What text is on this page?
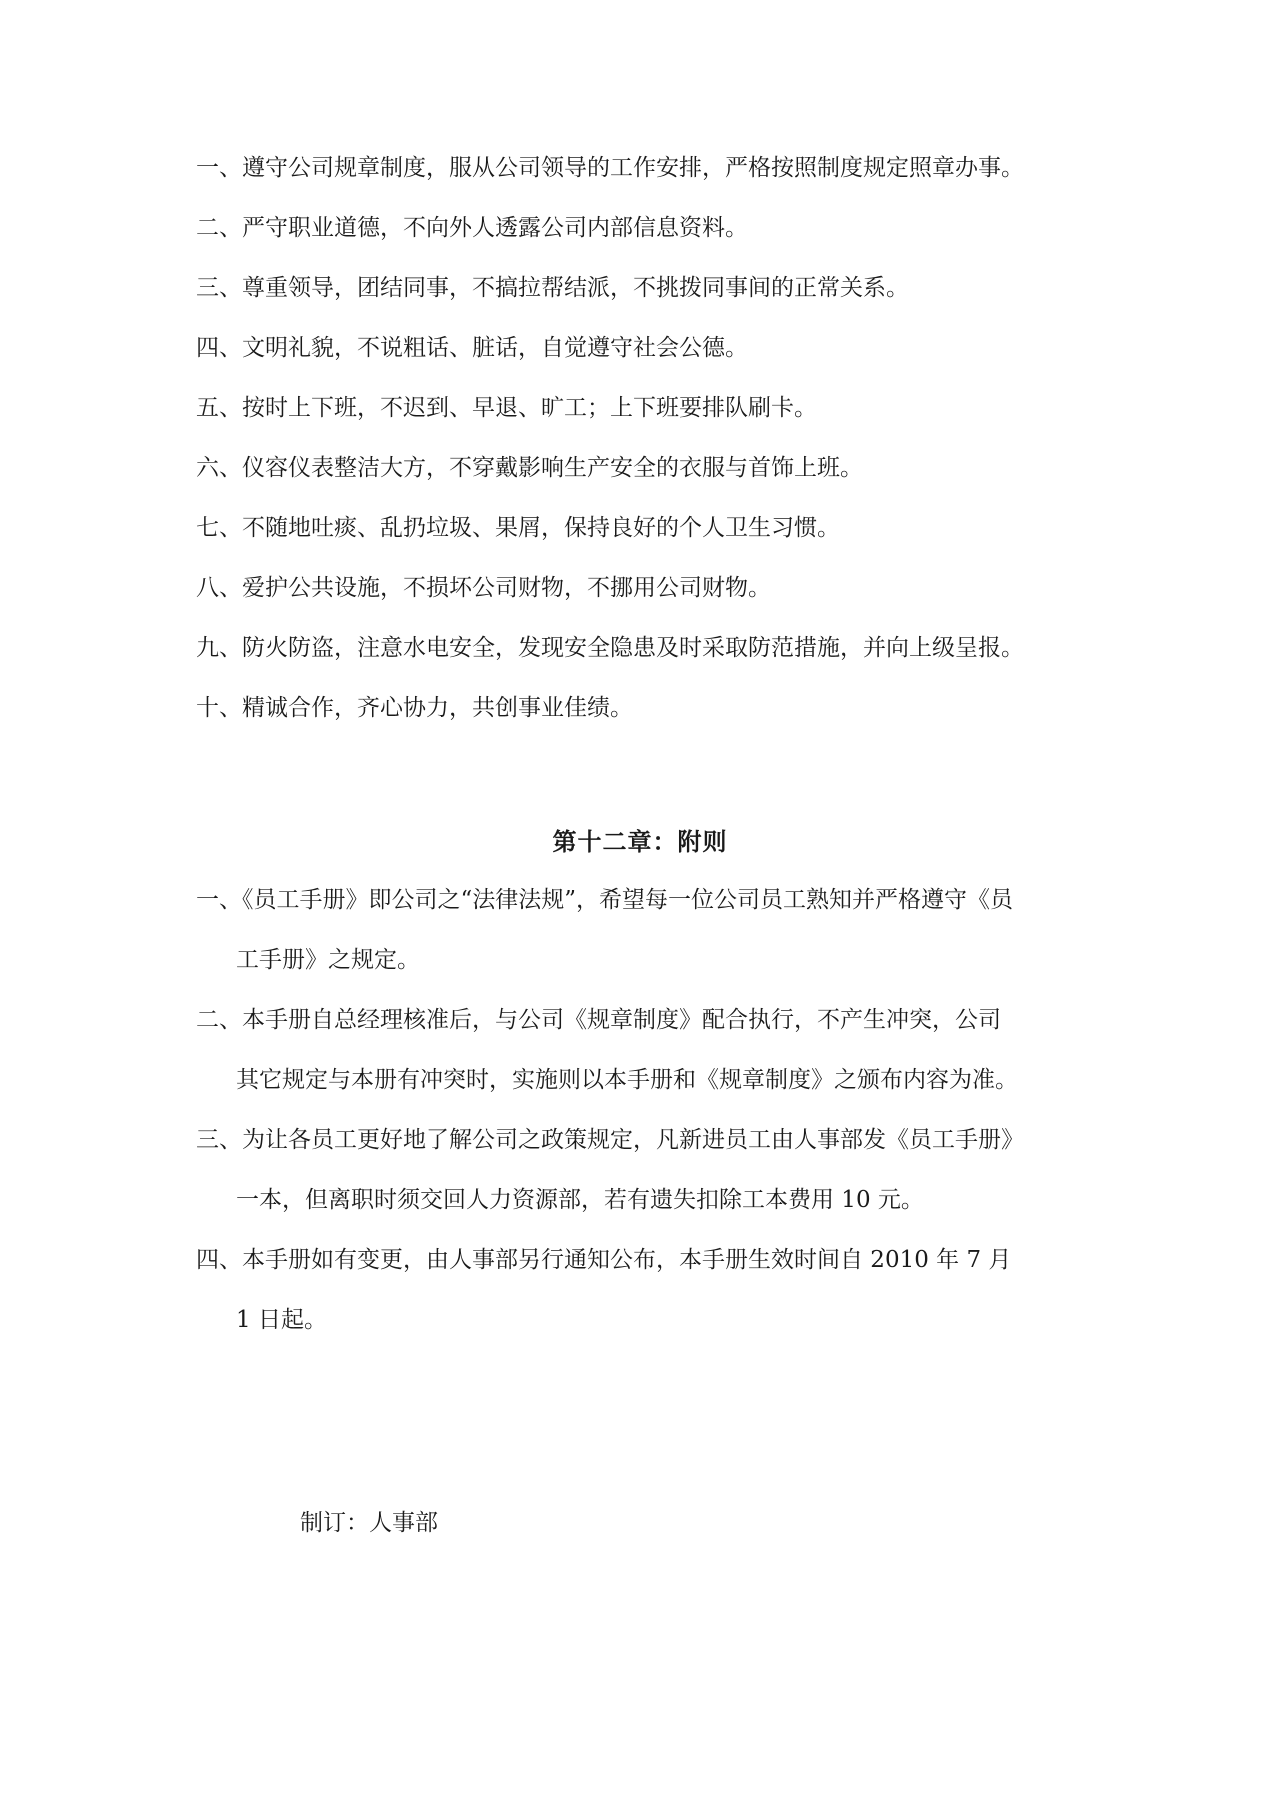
一、遵守公司规章制度，服从公司领导的工作安排，严格按照制度规定照章办事。
二、严守职业道德，不向外人透露公司内部信息资料。
三、尊重领导，团结同事，不搞拉帮结派，不挑拨同事间的正常关系。
四、文明礼貌，不说粗话、脏话，自觉遵守社会公德。
五、按时上下班，不迟到、早退、旷工；上下班要排队刷卡。
六、仪容仪表整洁大方，不穿戴影响生产安全的衣服与首饰上班。
七、不随地吐痰、乱扔垃圾、果屑，保持良好的个人卫生习惯。
八、爱护公共设施，不损坏公司财物，不挪用公司财物。
九、防火防盗，注意水电安全，发现安全隐患及时采取防范措施，并向上级呈报。
十、精诚合作，齐心协力，共创事业佳绩。
第十二章：附则
一、《员工手册》即公司之“法律法规”，希望每一位公司员工熟知并严格遵守《员
工手册》之规定。
二、本手册自总经理核准后，与公司《规章制度》配合执行，不产生冲突，公司
其它规定与本册有冲突时，实施则以本手册和《规章制度》之颁布内容为准。
三、为让各员工更好地了解公司之政策规定，凡新进员工由人事部发《员工手册》
一本，但离职时须交回人力资源部，若有遗失扣除工本费用 10 元。
四、本手册如有变更，由人事部另行通知公布，本手册生效时间自 2010 年 7 月
1 日起。
制订：人事部
